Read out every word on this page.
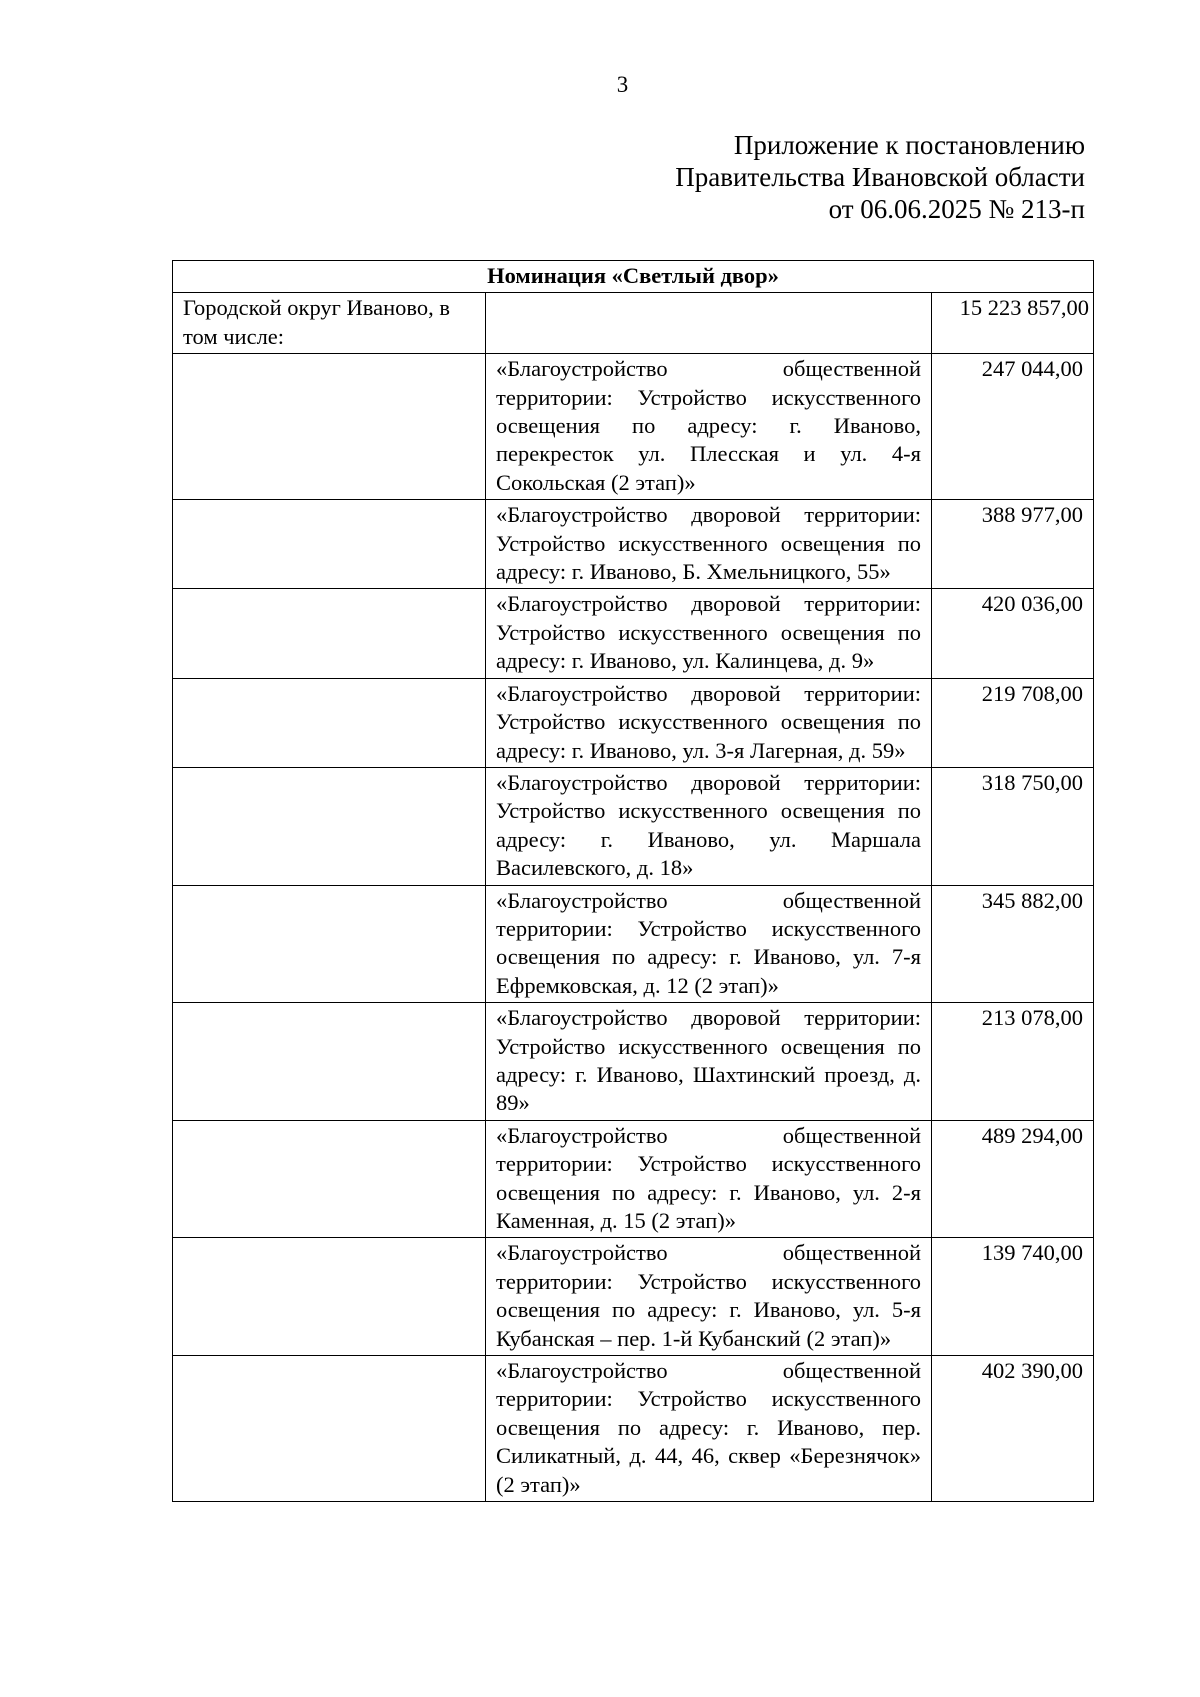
3
Приложение к постановлению
Правительства Ивановской области
от 06.06.2025 № 213-п
Номинация «Светлый двор»		
Городской округ Иваново, в том числе:		15 223 857,00
	«Благоустройство общественной территории: Устройство искусственного освещения по адресу: г. Иваново, перекресток ул. Плесская и ул. 4-я Сокольская (2 этап)»	247 044,00
	«Благоустройство дворовой территории: Устройство искусственного освещения по адресу: г. Иваново, Б. Хмельницкого, 55»	388 977,00
	«Благоустройство дворовой территории: Устройство искусственного освещения по адресу: г. Иваново, ул. Калинцева, д. 9»	420 036,00
	«Благоустройство дворовой территории: Устройство искусственного освещения по адресу: г. Иваново, ул. 3-я Лагерная, д. 59»	219 708,00
	«Благоустройство дворовой территории: Устройство искусственного освещения по адресу: г. Иваново, ул. Маршала Василевского, д. 18»	318 750,00
	«Благоустройство общественной территории: Устройство искусственного освещения по адресу: г. Иваново, ул. 7-я Ефремковская, д. 12 (2 этап)»	345 882,00
	«Благоустройство дворовой территории: Устройство искусственного освещения по адресу: г. Иваново, Шахтинский проезд, д. 89»	213 078,00
	«Благоустройство общественной территории: Устройство искусственного освещения по адресу: г. Иваново, ул. 2-я Каменная, д. 15 (2 этап)»	489 294,00
	«Благоустройство общественной территории: Устройство искусственного освещения по адресу: г. Иваново, ул. 5-я Кубанская – пер. 1-й Кубанский (2 этап)»	139 740,00
	«Благоустройство общественной территории: Устройство искусственного освещения по адресу: г. Иваново, пер. Силикатный, д. 44, 46, сквер «Березнячок» (2 этап)»	402 390,00
